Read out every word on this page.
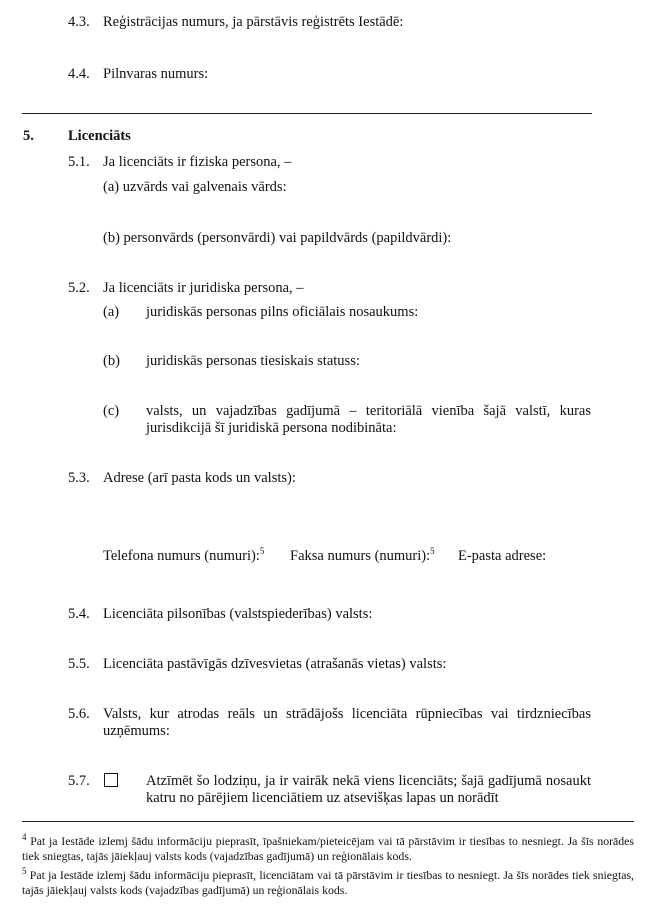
4.3. Reģistrācijas numurs, ja pārstāvis reģistrēts Iestādē:
4.4. Pilnvaras numurs:
5. Licenciāts
5.1. Ja licenciāts ir fiziska persona, –
(a) uzvārds vai galvenais vārds:
(b) personvārds (personvārdi) vai papildvārds (papildvārdi):
5.2. Ja licenciāts ir juridiska persona, –
(a) juridiskās personas pilns oficiālais nosaukums:
(b) juridiskās personas tiesiskais statuss:
(c) valsts, un vajadzības gadījumā – teritoriālā vienība šajā valstī, kuras jurisdikcijā šī juridiskā persona nodibināta:
5.3. Adrese (arī pasta kods un valsts):
Telefona numurs (numuri):$^5$ Faksa numurs (numuri):$^5$ E-pasta adrese:
5.4. Licenciāta pilsonības (valstspiederības) valsts:
5.5. Licenciāta pastāvīgās dzīvesvietas (atrašanās vietas) valsts:
5.6. Valsts, kur atrodas reāls un strādājošs licenciāta rūpniecības vai tirdzniecības uzņēmums:
5.7.	Atzīmēt šo lodziņu, ja ir vairāk nekā viens licenciāts; šajā gadījumā nosaukt katru no pārējiem licenciātiem uz atsevišķas lapas un norādīt
$^4$ Pat ja Iestāde izlemj šādu informāciju pieprasīt, īpašniekam/pieteicējam vai tā pārstāvim ir tiesības to nesniegt. Ja šīs norādes tiek sniegtas, tajās jāiekļauj valsts kods (vajadzības gadījumā) un reģionālais kods.
$^5$ Pat ja Iestāde izlemj šādu informāciju pieprasīt, licenciātam vai tā pārstāvim ir tiesības to nesniegt. Ja šīs norādes tiek sniegtas, tajās jāiekļauj valsts kods (vajadzības gadījumā) un reģionālais kods.
